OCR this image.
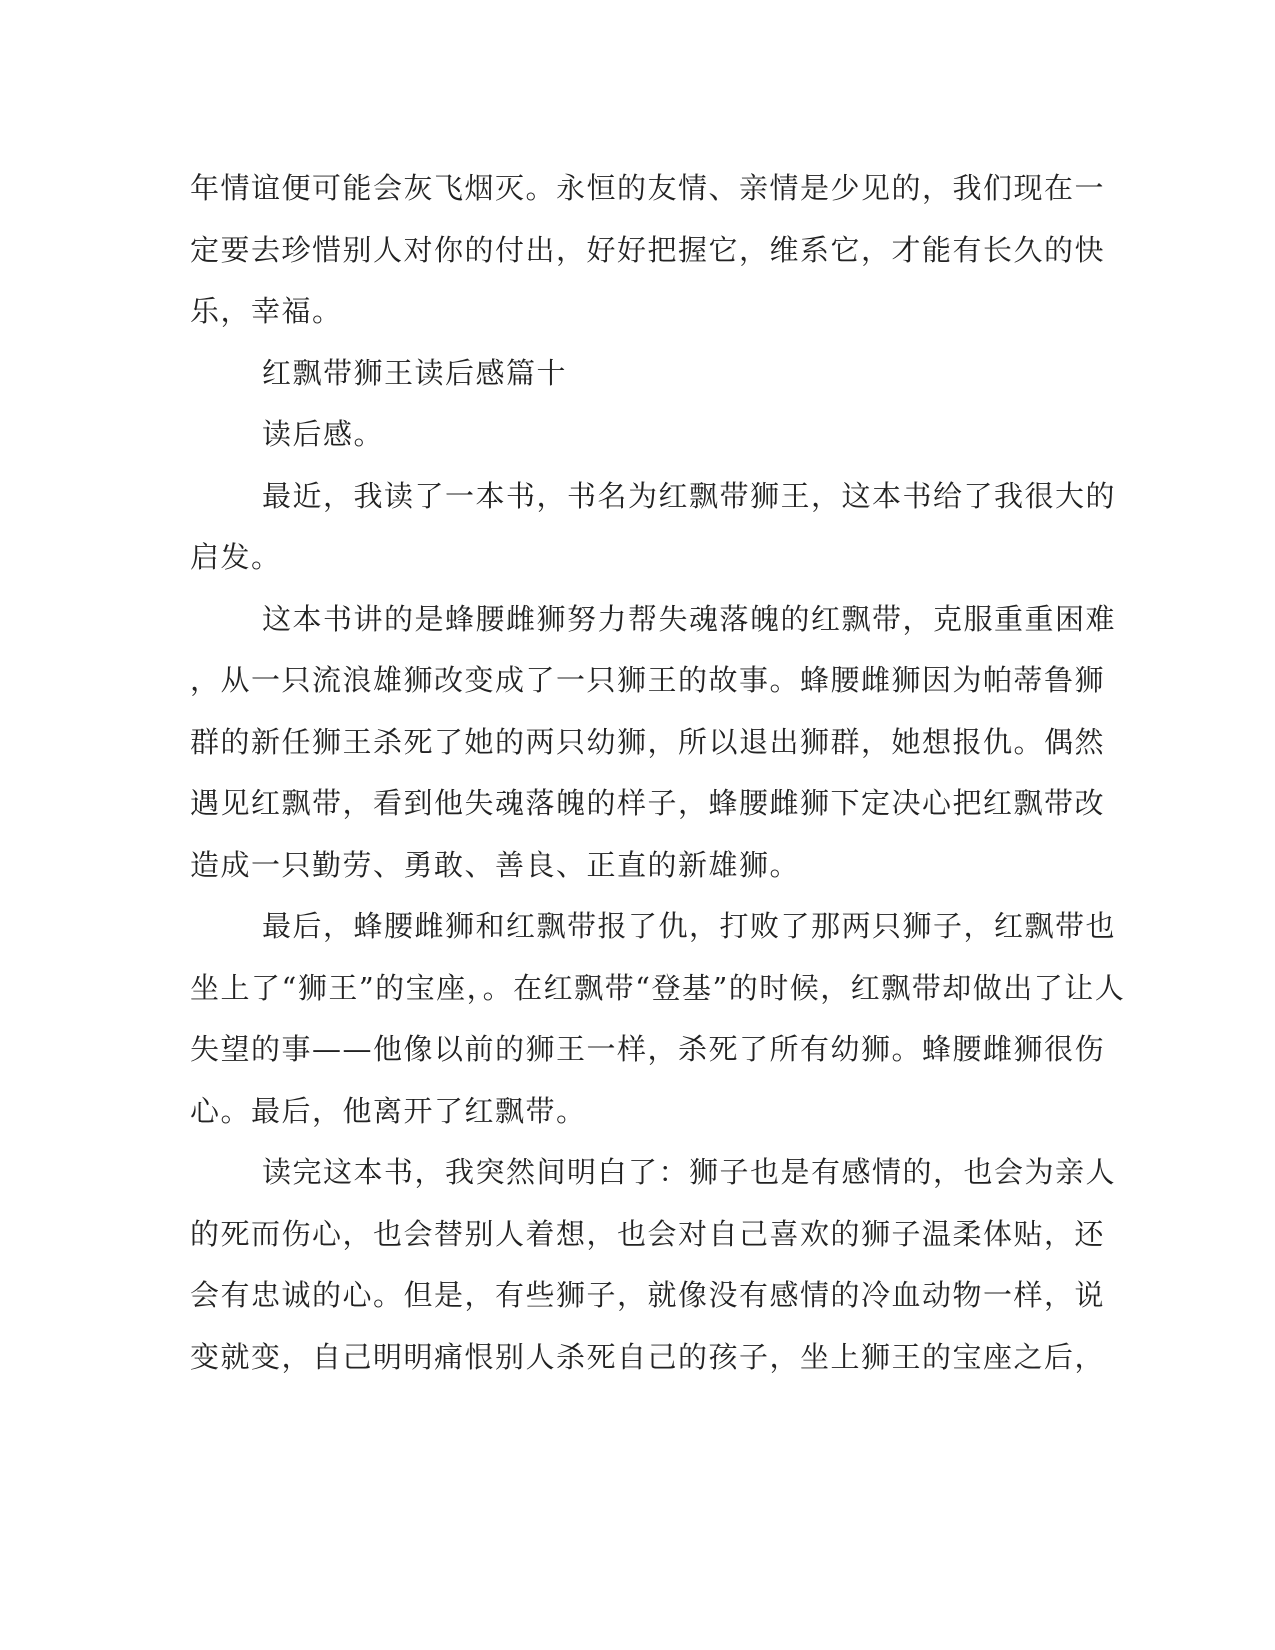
年情谊便可能会灰飞烟灭。永恒的友情、亲情是少见的，我们现在一

定要去珍惜别人对你的付出，好好把握它，维系它，才能有长久的快

乐，幸福。

红飘带狮王读后感篇十

读后感。

最近，我读了一本书，书名为红飘带狮王，这本书给了我很大的

启发。

这本书讲的是蜂腰雌狮努力帮失魂落魄的红飘带，克服重重困难

，从一只流浪雄狮改变成了一只狮王的故事。蜂腰雌狮因为帕蒂鲁狮

群的新任狮王杀死了她的两只幼狮，所以退出狮群，她想报仇。偶然

遇见红飘带，看到他失魂落魄的样子，蜂腰雌狮下定决心把红飘带改

造成一只勤劳、勇敢、善良、正直的新雄狮。

最后，蜂腰雌狮和红飘带报了仇，打败了那两只狮子，红飘带也

坐上了“狮王”的宝座，。在红飘带“登基”的时候，红飘带却做出了让人

失望的事——他像以前的狮王一样，杀死了所有幼狮。蜂腰雌狮很伤

心。最后，他离开了红飘带。

读完这本书，我突然间明白了：狮子也是有感情的，也会为亲人

的死而伤心，也会替别人着想，也会对自己喜欢的狮子温柔体贴，还

会有忠诚的心。但是，有些狮子，就像没有感情的冷血动物一样，说

变就变，自己明明痛恨别人杀死自己的孩子，坐上狮王的宝座之后，
